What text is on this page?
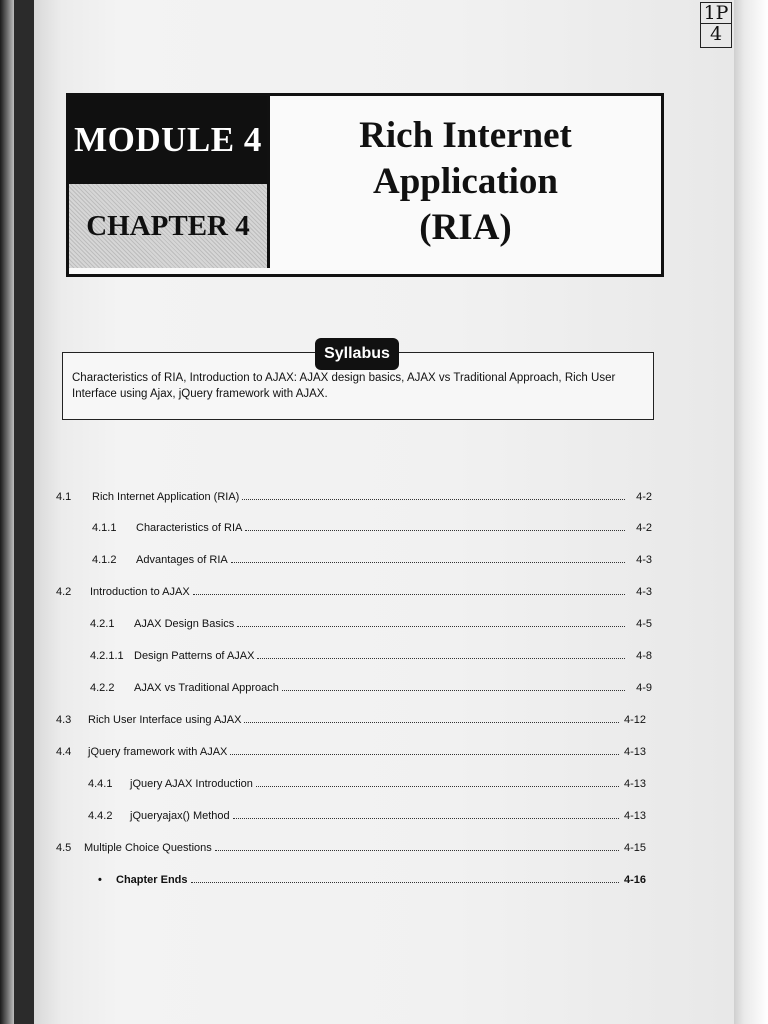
1P
4
MODULE 4
CHAPTER 4
Rich Internet Application
(RIA)
Syllabus
Characteristics of RIA, Introduction to AJAX: AJAX design basics, AJAX vs Traditional Approach, Rich User Interface using Ajax, jQuery framework with AJAX.
4.1	Rich Internet Application (RIA)	4-2
4.1.1	Characteristics of RIA	4-2
4.1.2	Advantages of RIA	4-3
4.2	Introduction to AJAX	4-3
4.2.1	AJAX Design Basics	4-5
4.2.1.1 Design Patterns of AJAX	4-8
4.2.2	AJAX vs Traditional Approach	4-9
4.3	Rich User Interface using AJAX	4-12
4.4	jQuery framework with AJAX	4-13
4.4.1	jQuery AJAX Introduction	4-13
4.4.2	jQueryajax() Method	4-13
4.5	Multiple Choice Questions	4-15
•	Chapter Ends	4-16
